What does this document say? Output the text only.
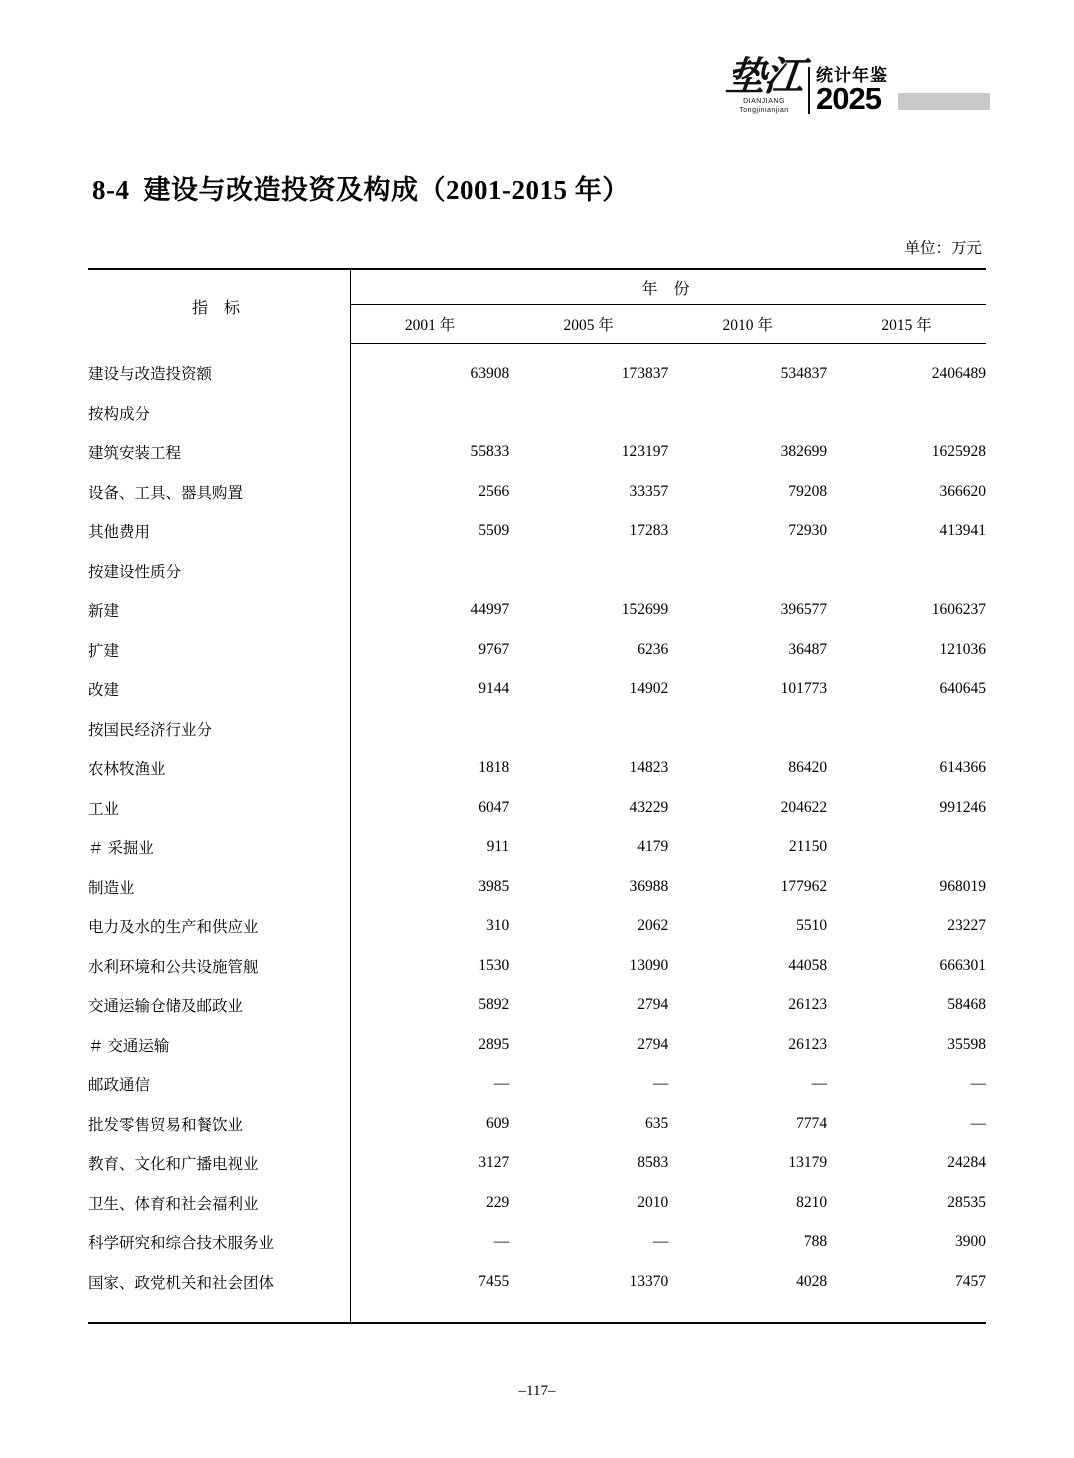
垫江
DIANJIANG
Tongjinianjian
统计年鉴
2025
8-4 建设与改造投资及构成（2001-2015 年）
单位：万元
指 标	年 份			
	2001 年	2005 年	2010 年	2015 年
建设与改造投资额	63908	173837	534837	2406489
按构成分				
建筑安装工程	55833	123197	382699	1625928
设备、工具、器具购置	2566	33357	79208	366620
其他费用	5509	17283	72930	413941
按建设性质分				
新建	44997	152699	396577	1606237
扩建	9767	6236	36487	121036
改建	9144	14902	101773	640645
按国民经济行业分				
农林牧渔业	1818	14823	86420	614366
工业	6047	43229	204622	991246
＃ 采掘业	911	4179	21150	
制造业	3985	36988	177962	968019
电力及水的生产和供应业	310	2062	5510	23227
水利环境和公共设施管舰	1530	13090	44058	666301
交通运输仓储及邮政业	5892	2794	26123	58468
＃ 交通运输	2895	2794	26123	35598
邮政通信	—	—	—	—
批发零售贸易和餐饮业	609	635	7774	—
教育、文化和广播电视业	3127	8583	13179	24284
卫生、体育和社会福利业	229	2010	8210	28535
科学研究和综合技术服务业	—	—	788	3900
国家、政党机关和社会团体	7455	13370	4028	7457

–117–
